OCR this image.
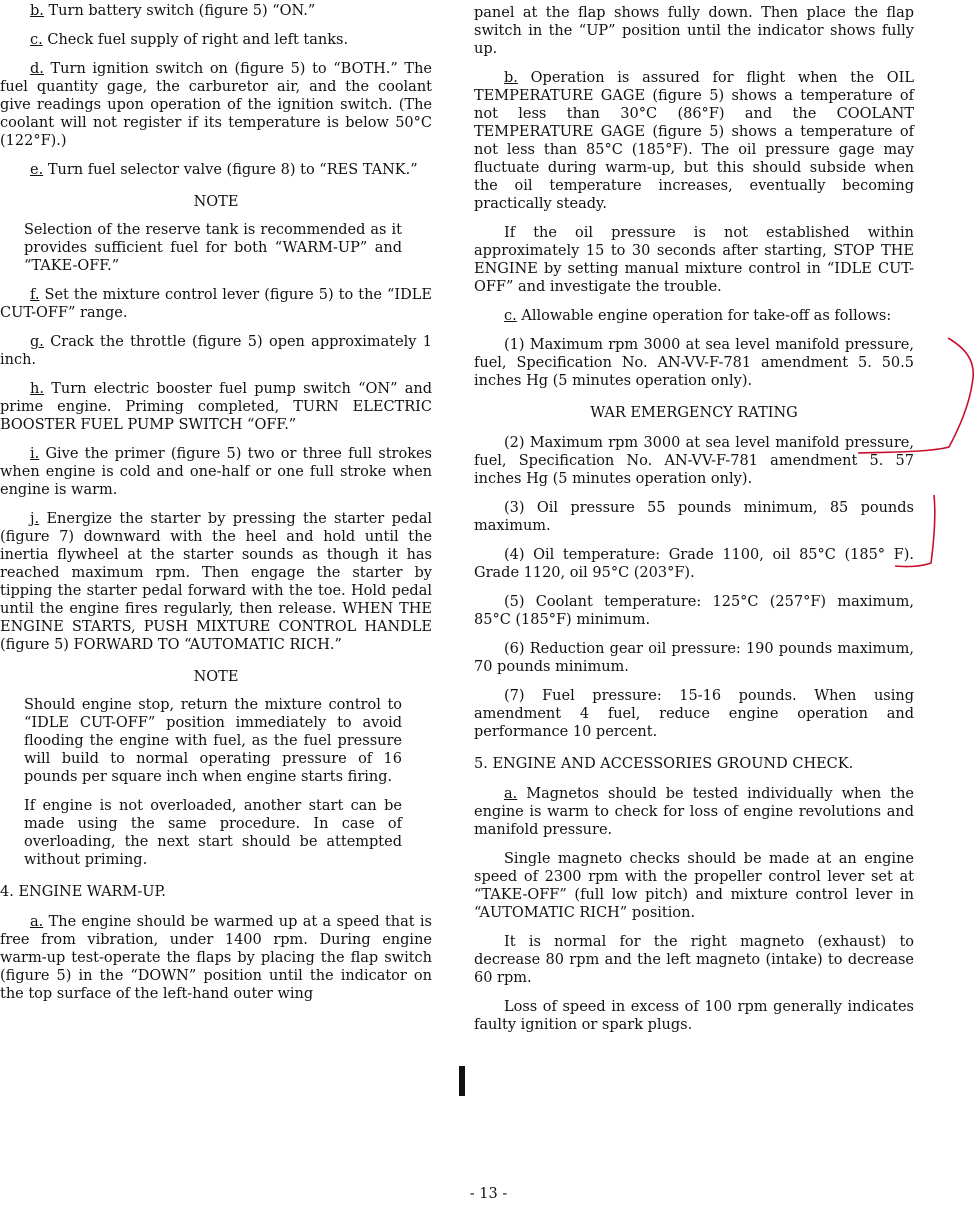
b. Turn battery switch (figure 5) “ON.”

c. Check fuel supply of right and left tanks.

d. Turn ignition switch on (figure 5) to “BOTH.” The fuel quantity gage, the carburetor air, and the coolant give readings upon operation of the ignition switch. (The coolant will not register if its temperature is below 50°C (122°F).)

e. Turn fuel selector valve (figure 8) to “RES TANK.”

NOTE
Selection of the reserve tank is recommended as it provides sufficient fuel for both “WARM-UP” and “TAKE-OFF.”

f. Set the mixture control lever (figure 5) to the “IDLE CUT-OFF” range.

g. Crack the throttle (figure 5) open approximately 1 inch.

h. Turn electric booster fuel pump switch “ON” and prime engine. Priming completed, TURN ELECTRIC BOOSTER FUEL PUMP SWITCH “OFF.”

i. Give the primer (figure 5) two or three full strokes when engine is cold and one-half or one full stroke when engine is warm.

j. Energize the starter by pressing the starter pedal (figure 7) downward with the heel and hold until the inertia flywheel at the starter sounds as though it has reached maximum rpm. Then engage the starter by tipping the starter pedal forward with the toe. Hold pedal until the engine fires regularly, then release. WHEN THE ENGINE STARTS, PUSH MIXTURE CONTROL HANDLE (figure 5) FORWARD TO “AUTOMATIC RICH.”

NOTE
Should engine stop, return the mixture control to “IDLE CUT-OFF” position immediately to avoid flooding the engine with fuel, as the fuel pressure will build to normal operating pressure of 16 pounds per square inch when engine starts firing.
If engine is not overloaded, another start can be made using the same procedure. In case of overloading, the next start should be attempted without priming.
4. ENGINE WARM-UP.

a. The engine should be warmed up at a speed that is free from vibration, under 1400 rpm. During engine warm-up test-operate the flaps by placing the flap switch (figure 5) in the “DOWN” position until the indicator on the top surface of the left-hand outer wing

panel at the flap shows fully down. Then place the flap switch in the “UP” position until the indicator shows fully up.

b. Operation is assured for flight when the OIL TEMPERATURE GAGE (figure 5) shows a temperature of not less than 30°C (86°F) and the COOLANT TEMPERATURE GAGE (figure 5) shows a temperature of not less than 85°C (185°F). The oil pressure gage may fluctuate during warm-up, but this should subside when the oil temperature increases, eventually becoming practically steady.

If the oil pressure is not established within approximately 15 to 30 seconds after starting, STOP THE ENGINE by setting manual mixture control in “IDLE CUT-OFF” and investigate the trouble.

c. Allowable engine operation for take-off as follows:

(1) Maximum rpm 3000 at sea level manifold pressure, fuel, Specification No. AN-VV-F-781 amendment 5. 50.5 inches Hg (5 minutes operation only).

WAR EMERGENCY RATING

(2) Maximum rpm 3000 at sea level manifold pressure, fuel, Specification No. AN-VV-F-781 amendment 5. 57 inches Hg (5 minutes operation only).

(3) Oil pressure 55 pounds minimum, 85 pounds maximum.

(4) Oil temperature: Grade 1100, oil 85°C (185° F). Grade 1120, oil 95°C (203°F).

(5) Coolant temperature: 125°C (257°F) maximum, 85°C (185°F) minimum.

(6) Reduction gear oil pressure: 190 pounds maximum, 70 pounds minimum.

(7) Fuel pressure: 15-16 pounds. When using amendment 4 fuel, reduce engine operation and performance 10 percent.

5. ENGINE AND ACCESSORIES GROUND CHECK.

a. Magnetos should be tested individually when the engine is warm to check for loss of engine revolutions and manifold pressure.

Single magneto checks should be made at an engine speed of 2300 rpm with the propeller control lever set at “TAKE-OFF” (full low pitch) and mixture control lever in “AUTOMATIC RICH” position.

It is normal for the right magneto (exhaust) to decrease 80 rpm and the left magneto (intake) to decrease 60 rpm.

Loss of speed in excess of 100 rpm generally indicates faulty ignition or spark plugs.

- 13 -
